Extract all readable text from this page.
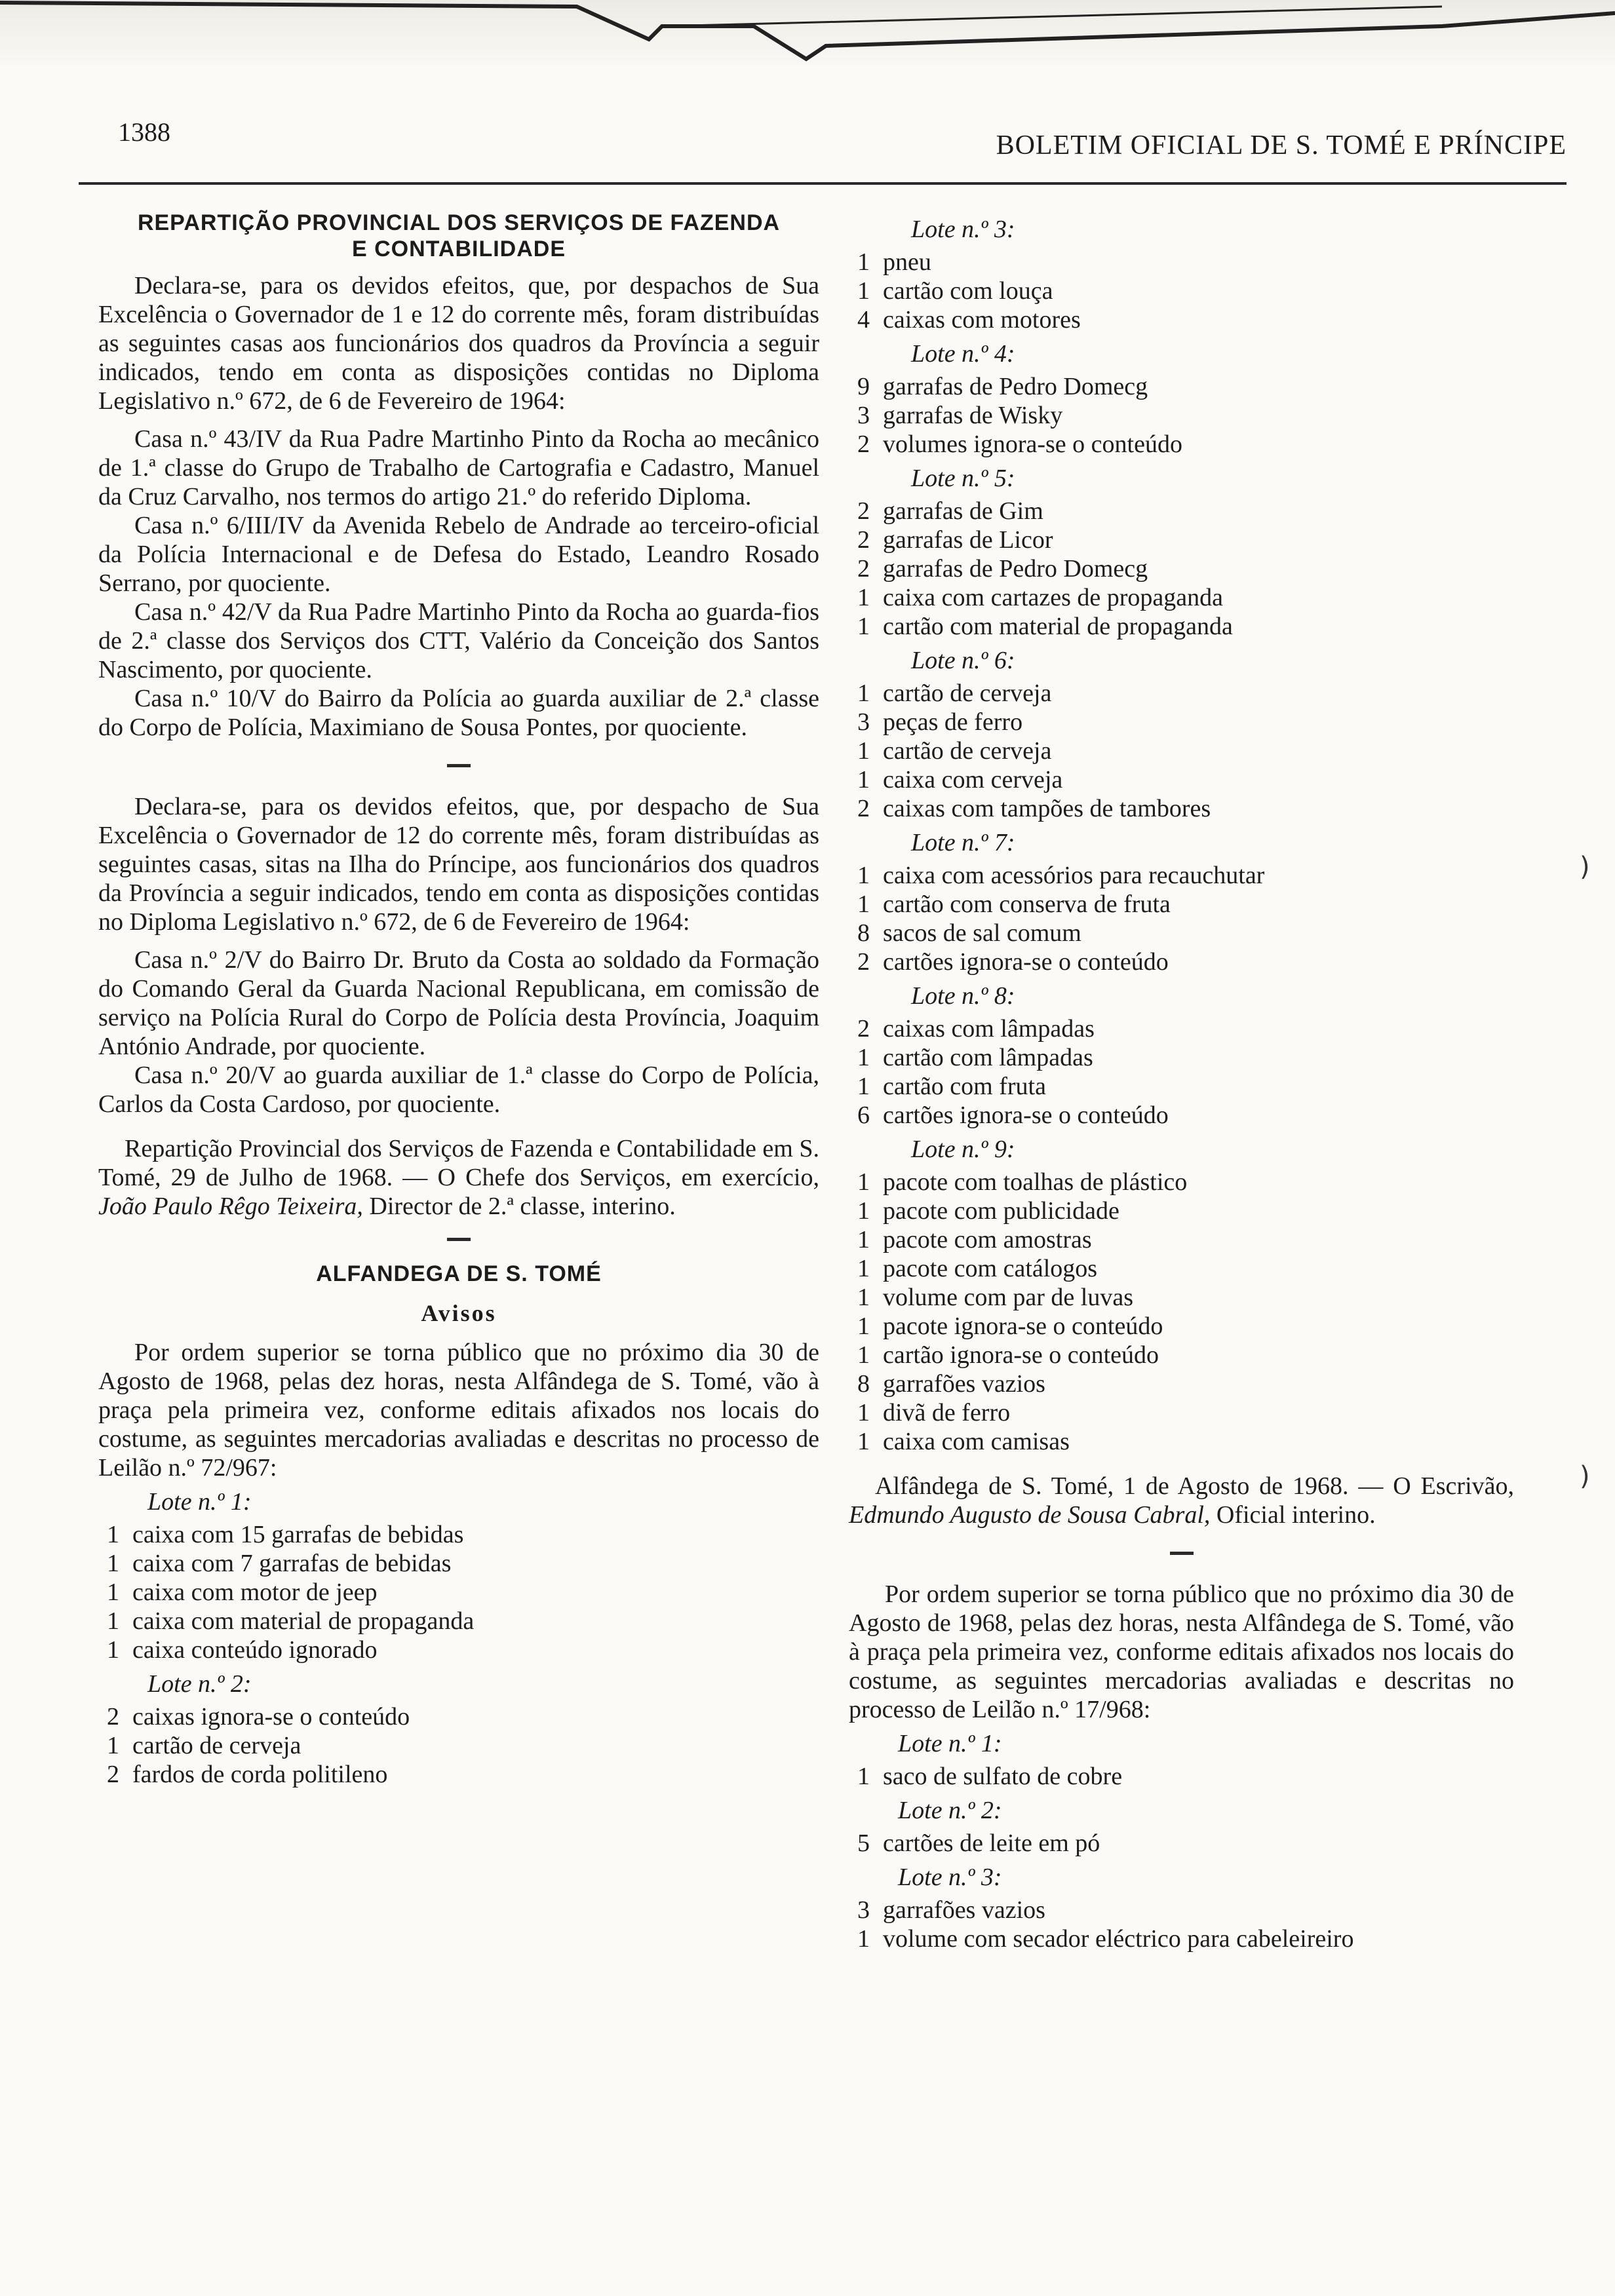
1388	BOLETIM OFICIAL DE S. TOMÉ E PRÍNCIPE
REPARTIÇÃO PROVINCIAL DOS SERVIÇOS DE FAZENDA
E CONTABILIDADE

Declara-se, para os devidos efeitos, que, por despachos de Sua Excelência o Governador de 1 e 12 do corrente mês, foram distribuídas as seguintes casas aos funcionários dos quadros da Província a seguir indicados, tendo em conta as disposições contidas no Diploma Legislativo n.º 672, de 6 de Fevereiro de 1964:

Casa n.º 43/IV da Rua Padre Martinho Pinto da Rocha ao mecânico de 1.ª classe do Grupo de Trabalho de Cartografia e Cadastro, Manuel da Cruz Carvalho, nos termos do artigo 21.º do referido Diploma.

Casa n.º 6/III/IV da Avenida Rebelo de Andrade ao terceiro-oficial da Polícia Internacional e de Defesa do Estado, Leandro Rosado Serrano, por quociente.

Casa n.º 42/V da Rua Padre Martinho Pinto da Rocha ao guarda-fios de 2.ª classe dos Serviços dos CTT, Valério da Conceição dos Santos Nascimento, por quociente.

Casa n.º 10/V do Bairro da Polícia ao guarda auxiliar de 2.ª classe do Corpo de Polícia, Maximiano de Sousa Pontes, por quociente.

Declara-se, para os devidos efeitos, que, por despacho de Sua Excelência o Governador de 12 do corrente mês, foram distribuídas as seguintes casas, sitas na Ilha do Príncipe, aos funcionários dos quadros da Província a seguir indicados, tendo em conta as disposições contidas no Diploma Legislativo n.º 672, de 6 de Fevereiro de 1964:

Casa n.º 2/V do Bairro Dr. Bruto da Costa ao soldado da Formação do Comando Geral da Guarda Nacional Republicana, em comissão de serviço na Polícia Rural do Corpo de Polícia desta Província, Joaquim António Andrade, por quociente.

Casa n.º 20/V ao guarda auxiliar de 1.ª classe do Corpo de Polícia, Carlos da Costa Cardoso, por quociente.

Repartição Provincial dos Serviços de Fazenda e Contabilidade em S. Tomé, 29 de Julho de 1968. — O Chefe dos Serviços, em exercício, João Paulo Rêgo Teixeira, Director de 2.ª classe, interino.

ALFANDEGA DE S. TOMÉ
Avisos

Por ordem superior se torna público que no próximo dia 30 de Agosto de 1968, pelas dez horas, nesta Alfândega de S. Tomé, vão à praça pela primeira vez, conforme editais afixados nos locais do costume, as seguintes mercadorias avaliadas e descritas no processo de Leilão n.º 72/967:

Lote n.º 1:
1 caixa com 15 garrafas de bebidas
1 caixa com 7 garrafas de bebidas
1 caixa com motor de jeep
1 caixa com material de propaganda
1 caixa conteúdo ignorado
Lote n.º 2:
2 caixas ignora-se o conteúdo
1 cartão de cerveja
2 fardos de corda politileno
Lote n.º 3:
1 pneu
1 cartão com louça
4 caixas com motores
Lote n.º 4:
9 garrafas de Pedro Domecg
3 garrafas de Wisky
2 volumes ignora-se o conteúdo
Lote n.º 5:
2 garrafas de Gim
2 garrafas de Licor
2 garrafas de Pedro Domecg
1 caixa com cartazes de propaganda
1 cartão com material de propaganda
Lote n.º 6:
1 cartão de cerveja
3 peças de ferro
1 cartão de cerveja
1 caixa com cerveja
2 caixas com tampões de tambores
Lote n.º 7:
1 caixa com acessórios para recauchutar
1 cartão com conserva de fruta
8 sacos de sal comum
2 cartões ignora-se o conteúdo
Lote n.º 8:
2 caixas com lâmpadas
1 cartão com lâmpadas
1 cartão com fruta
6 cartões ignora-se o conteúdo
Lote n.º 9:
1 pacote com toalhas de plástico
1 pacote com publicidade
1 pacote com amostras
1 pacote com catálogos
1 volume com par de luvas
1 pacote ignora-se o conteúdo
1 cartão ignora-se o conteúdo
8 garrafões vazios
1 divã de ferro
1 caixa com camisas

Alfândega de S. Tomé, 1 de Agosto de 1968. — O Escrivão, Edmundo Augusto de Sousa Cabral, Oficial interino.

Por ordem superior se torna público que no próximo dia 30 de Agosto de 1968, pelas dez horas, nesta Alfândega de S. Tomé, vão à praça pela primeira vez, conforme editais afixados nos locais do costume, as seguintes mercadorias avaliadas e descritas no processo de Leilão n.º 17/968:

Lote n.º 1:
1 saco de sulfato de cobre
Lote n.º 2:
5 cartões de leite em pó
Lote n.º 3:
3 garrafões vazios
1 volume com secador eléctrico para cabeleireiro
)
)
